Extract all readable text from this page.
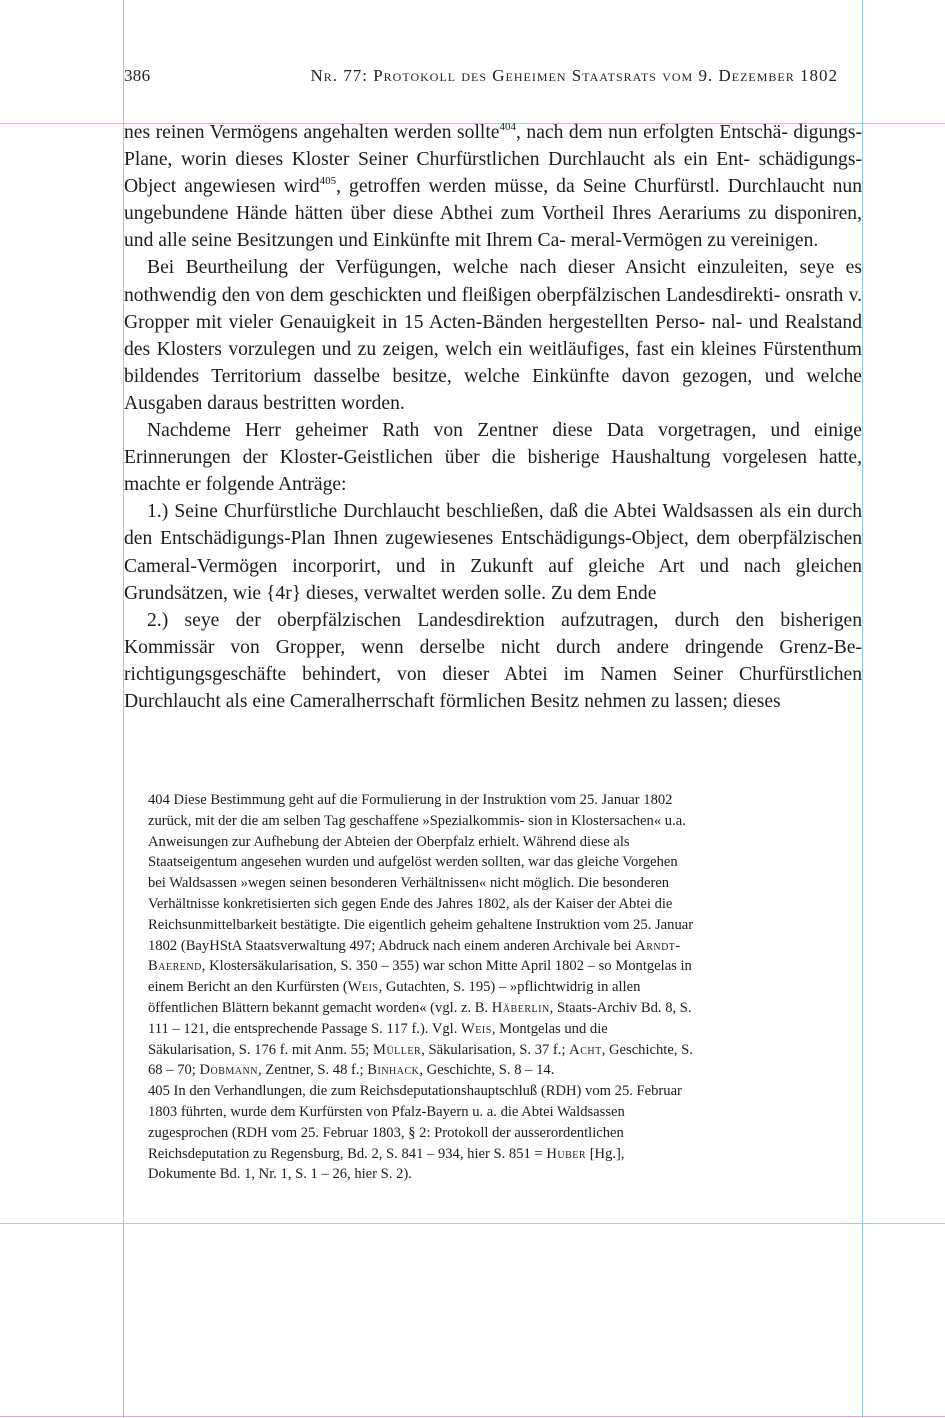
386	Nr. 77: Protokoll des Geheimen Staatsrats vom 9. Dezember 1802

nes reinen Vermögens angehalten werden sollte$^{404}$, nach dem nun erfolgten Entschä- digungs-Plane, worin dieses Kloster Seiner Churfürstlichen Durchlaucht als ein Ent- schädigungs-Object angewiesen wird$^{405}$, getroffen werden müsse, da Seine Churfürstl. Durchlaucht nun ungebundene Hände hätten über diese Abthei zum Vortheil Ihres Aerariums zu disponiren, und alle seine Besitzungen und Einkünfte mit Ihrem Ca- meral-Vermögen zu vereinigen.

Bei Beurtheilung der Verfügungen, welche nach dieser Ansicht einzuleiten, seye es nothwendig den von dem geschickten und fleißigen oberpfälzischen Landesdirekti- onsrath v. Gropper mit vieler Genauigkeit in 15 Acten-Bänden hergestellten Perso- nal- und Realstand des Klosters vorzulegen und zu zeigen, welch ein weitläufiges, fast ein kleines Fürstenthum bildendes Territorium dasselbe besitze, welche Einkünfte davon gezogen, und welche Ausgaben daraus bestritten worden.

Nachdeme Herr geheimer Rath von Zentner diese Data vorgetragen, und einige Erinnerungen der Kloster-Geistlichen über die bisherige Haushaltung vorgelesen hatte, machte er folgende Anträge:

1.) Seine Churfürstliche Durchlaucht beschließen, daß die Abtei Waldsassen als ein durch den Entschädigungs-Plan Ihnen zugewiesenes Entschädigungs-Object, dem oberpfälzischen Cameral-Vermögen incorporirt, und in Zukunft auf gleiche Art und nach gleichen Grundsätzen, wie {4r} dieses, verwaltet werden solle. Zu dem Ende

2.) seye der oberpfälzischen Landesdirektion aufzutragen, durch den bisherigen Kommissär von Gropper, wenn derselbe nicht durch andere dringende Grenz-Be- richtigungsgeschäfte behindert, von dieser Abtei im Namen Seiner Churfürstlichen Durchlaucht als eine Cameralherrschaft förmlichen Besitz nehmen zu lassen; dieses

404 Diese Bestimmung geht auf die Formulierung in der Instruktion vom 25. Januar 1802 zurück, mit der die am selben Tag geschaffene »Spezialkommis- sion in Klostersachen« u.a. Anweisungen zur Aufhebung der Abteien der Oberpfalz erhielt. Während diese als Staatseigentum angesehen wurden und aufgelöst werden sollten, war das gleiche Vorgehen bei Waldsassen »wegen seinen besonderen Verhältnissen« nicht möglich. Die besonderen Verhältnisse konkretisierten sich gegen Ende des Jahres 1802, als der Kaiser der Abtei die Reichsunmittelbarkeit bestätigte. Die eigentlich geheim gehaltene Instruktion vom 25. Januar 1802 (BayHStA Staatsverwaltung 497; Abdruck nach einem anderen Archivale bei Arndt-Baerend, Klostersäkularisation, S. 350 – 355) war schon Mitte April 1802 – so Montgelas in einem Bericht an den Kurfürsten (Weis, Gutachten, S. 195) – »pflichtwidrig in allen öffentlichen Blättern bekannt gemacht worden« (vgl. z. B. Häberlin, Staats-Archiv Bd. 8, S. 111 – 121, die entsprechende Passage S. 117 f.). Vgl. Weis, Montgelas und die Säkularisation, S. 176 f. mit Anm. 55; Müller, Säkularisation, S. 37 f.; Acht, Geschichte, S. 68 – 70; Dobmann, Zentner, S. 48 f.; Binhack, Geschichte, S. 8 – 14.

405 In den Verhandlungen, die zum Reichsdeputationshauptschluß (RDH) vom 25. Februar 1803 führten, wurde dem Kurfürsten von Pfalz-Bayern u. a. die Abtei Waldsassen zugesprochen (RDH vom 25. Februar 1803, § 2: Protokoll der ausserordentlichen Reichsdeputation zu Regensburg, Bd. 2, S. 841 – 934, hier S. 851 = Huber [Hg.], Dokumente Bd. 1, Nr. 1, S. 1 – 26, hier S. 2).
